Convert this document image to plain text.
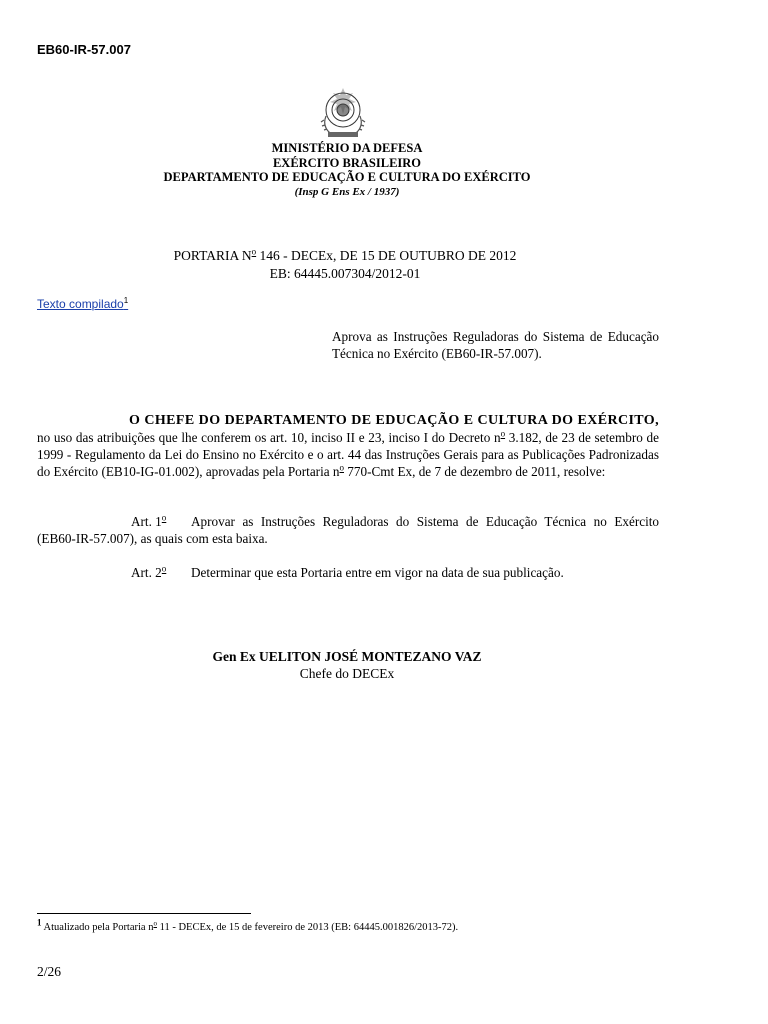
EB60-IR-57.007
MINISTÉRIO DA DEFESA
EXÉRCITO BRASILEIRO
DEPARTAMENTO DE EDUCAÇÃO E CULTURA DO EXÉRCITO
(Insp G Ens Ex / 1937)
PORTARIA $N^o$ 146 - DECEx, DE 15 DE OUTUBRO DE 2012
EB: 64445.007304/2012-01
Texto compilado$^1$
Aprova as Instruções Reguladoras do Sistema de Educação Técnica no Exército (EB60-IR-57.007).
O CHEFE DO DEPARTAMENTO DE EDUCAÇÃO E CULTURA DO EXÉRCITO, no uso das atribuições que lhe conferem os art. 10, inciso II e 23, inciso I do Decreto $n^o$ 3.182, de 23 de setembro de 1999 - Regulamento da Lei do Ensino no Exército e o art. 44 das Instruções Gerais para as Publicações Padronizadas do Exército (EB10-IG-01.002), aprovadas pela Portaria $n^o$ 770-Cmt Ex, de 7 de dezembro de 2011, resolve:
Art. 1$^o$ Aprovar as Instruções Reguladoras do Sistema de Educação Técnica no Exército (EB60-IR-57.007), as quais com esta baixa.
Art. 2$^o$ Determinar que esta Portaria entre em vigor na data de sua publicação.
Gen Ex UELITON JOSÉ MONTEZANO VAZ
Chefe do DECEx
1 Atualizado pela Portaria $n^o$ 11 - DECEx, de 15 de fevereiro de 2013 (EB: 64445.001826/2013-72).
2/26
